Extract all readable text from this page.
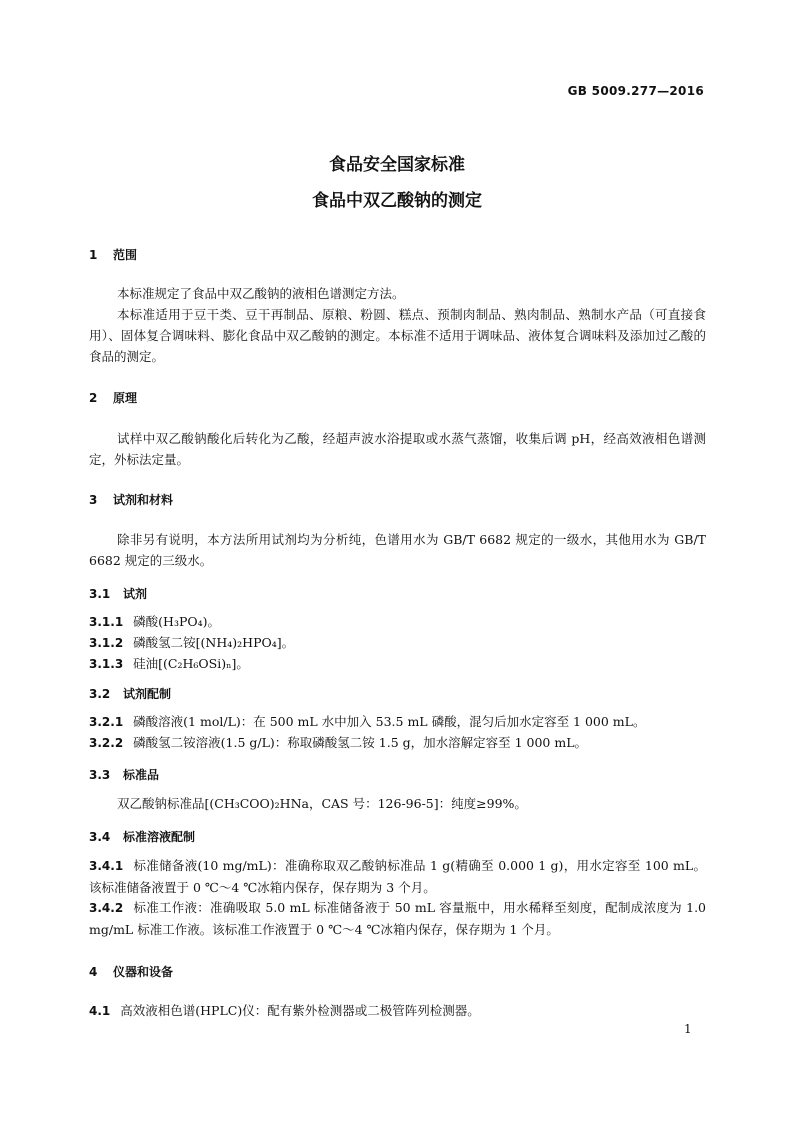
GB 5009.277—2016
食品安全国家标准
食品中双乙酸钠的测定
1 范围

本标准规定了食品中双乙酸钠的液相色谱测定方法。

本标准适用于豆干类、豆干再制品、原粮、粉圆、糕点、预制肉制品、熟肉制品、熟制水产品（可直接食用）、固体复合调味料、膨化食品中双乙酸钠的测定。本标准不适用于调味品、液体复合调味料及添加过乙酸的食品的测定。

2 原理

试样中双乙酸钠酸化后转化为乙酸，经超声波水浴提取或水蒸气蒸馏，收集后调 pH，经高效液相色谱测定，外标法定量。

3 试剂和材料

除非另有说明，本方法所用试剂均为分析纯，色谱用水为 GB/T 6682 规定的一级水，其他用水为 GB/T 6682 规定的三级水。

3.1 试剂

3.1.1 磷酸(H₃PO₄)。

3.1.2 磷酸氢二铵[(NH₄)₂HPO₄]。

3.1.3 硅油[(C₂H₆OSi)ₙ]。

3.2 试剂配制

3.2.1 磷酸溶液(1 mol/L)：在 500 mL 水中加入 53.5 mL 磷酸，混匀后加水定容至 1 000 mL。

3.2.2 磷酸氢二铵溶液(1.5 g/L)：称取磷酸氢二铵 1.5 g，加水溶解定容至 1 000 mL。

3.3 标准品

双乙酸钠标准品[(CH₃COO)₂HNa，CAS 号：126-96-5]：纯度≥99%。

3.4 标准溶液配制

3.4.1 标准储备液(10 mg/mL)：准确称取双乙酸钠标准品 1 g(精确至 0.000 1 g)，用水定容至 100 mL。该标准储备液置于 0 ℃～4 ℃冰箱内保存，保存期为 3 个月。

3.4.2 标准工作液：准确吸取 5.0 mL 标准储备液于 50 mL 容量瓶中，用水稀释至刻度，配制成浓度为 1.0 mg/mL 标准工作液。该标准工作液置于 0 ℃～4 ℃冰箱内保存，保存期为 1 个月。

4 仪器和设备

4.1 高效液相色谱(HPLC)仪：配有紫外检测器或二极管阵列检测器。

1
